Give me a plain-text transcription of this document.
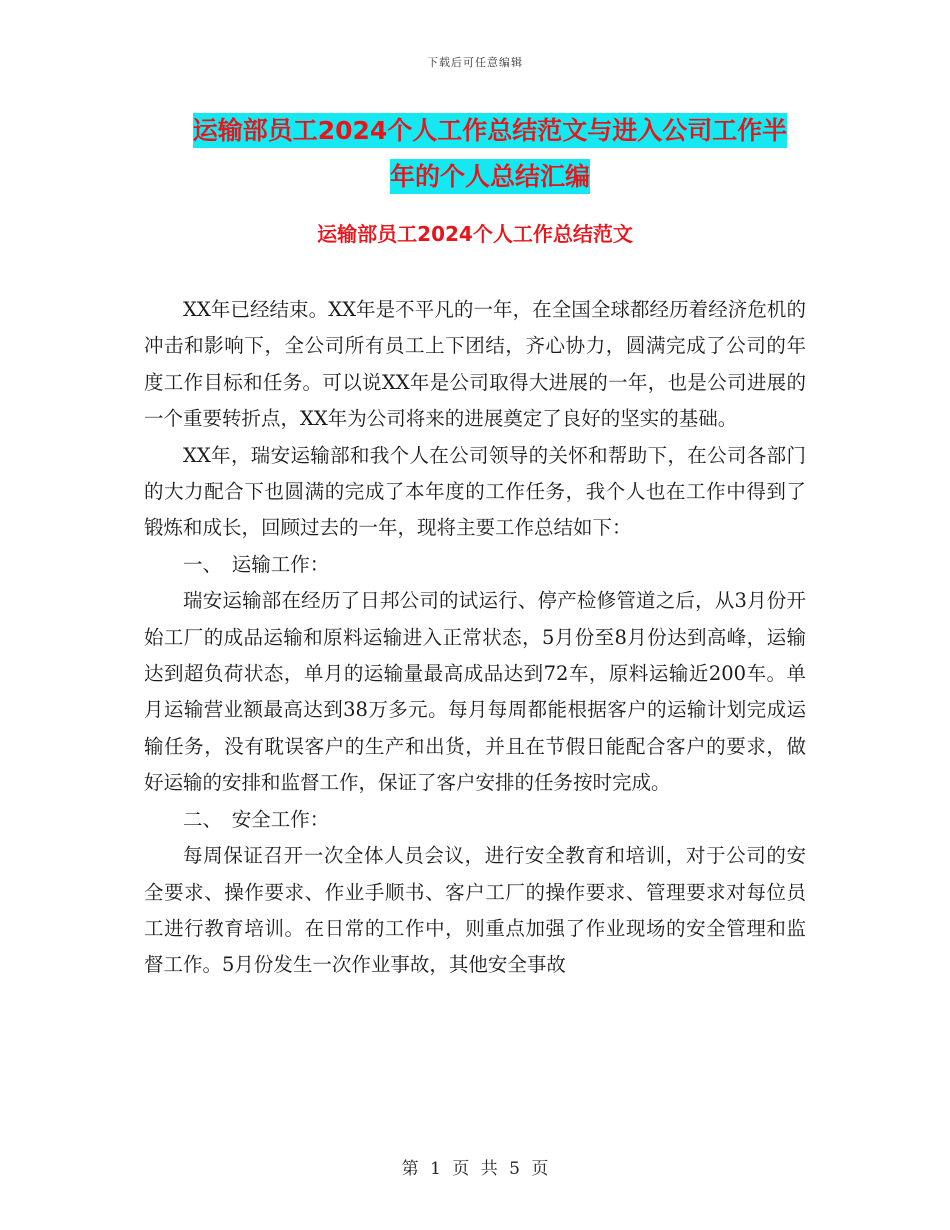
下载后可任意编辑
运输部员工2024个人工作总结范文与进入公司工作半
年的个人总结汇编
运输部员工2024个人工作总结范文

XX年已经结束。XX年是不平凡的一年，在全国全球都经历着经济危机的冲击和影响下，全公司所有员工上下团结，齐心协力，圆满完成了公司的年度工作目标和任务。可以说XX年是公司取得大进展的一年，也是公司进展的一个重要转折点，XX年为公司将来的进展奠定了良好的坚实的基础。

XX年，瑞安运输部和我个人在公司领导的关怀和帮助下，在公司各部门的大力配合下也圆满的完成了本年度的工作任务，我个人也在工作中得到了锻炼和成长，回顾过去的一年，现将主要工作总结如下：

一、　运输工作：

瑞安运输部在经历了日邦公司的试运行、停产检修管道之后，从3月份开始工厂的成品运输和原料运输进入正常状态，5月份至8月份达到高峰，运输达到超负荷状态，单月的运输量最高成品达到72车，原料运输近200车。单月运输营业额最高达到38万多元。每月每周都能根据客户的运输计划完成运输任务，没有耽误客户的生产和出货，并且在节假日能配合客户的要求，做好运输的安排和监督工作，保证了客户安排的任务按时完成。

二、　安全工作：

每周保证召开一次全体人员会议，进行安全教育和培训，对于公司的安全要求、操作要求、作业手顺书、客户工厂的操作要求、管理要求对每位员工进行教育培训。在日常的工作中，则重点加强了作业现场的安全管理和监督工作。5月份发生一次作业事故，其他安全事故

第 1 页 共 5 页
